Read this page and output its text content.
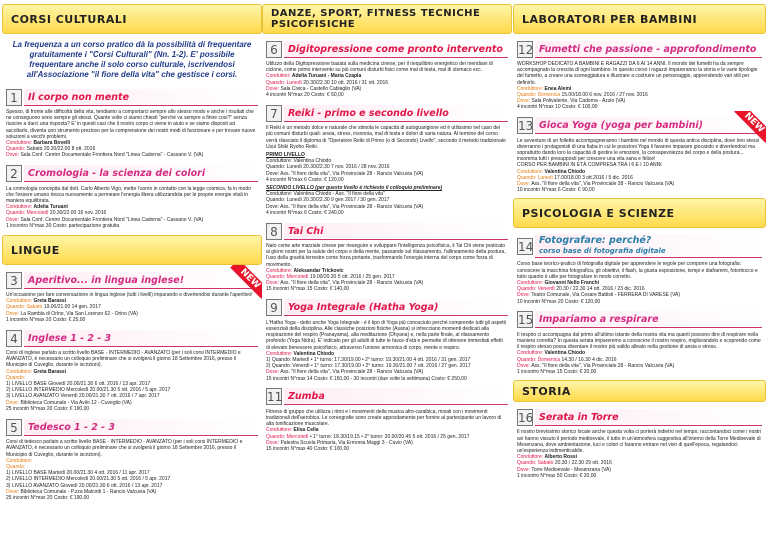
CORSI CULTURALI
La frequenza a un corso pratico dà la possibilità di frequentare gratuitamente i "Corsi Culturali" (Nn. 1-2). E' possibile frequentare anche il solo corso culturale, iscrivendosi all'Associazione "il fiore della vita" che gestisce i corsi.
1	Il corpo non mente

Spesso, di fronte alle difficoltà della vita, tendiamo a comportarci sempre allo stesso modo e anche i risultati che ne conseguono sono sempre gli stessi. Quante volte ci siamo chiesti "perché va sempre a finire così?" senza riuscire a darci una risposta? E' in questi casi che il nostro corpo ci viene in aiuto e se siamo disposti ad ascoltarlo, diventa uno strumento prezioso per la comprensione dei nostri modi di funzionare e per trovare nuove soluzioni a vecchi problemi.

Conduttore: Barbara Bovelli

Quando: Sabato 20.30/22.00 8 ott. 2016

Dove: Sala Conf. Centro Documentale Frontiera Nord "Linea Cadorna" - Cassano V. (VA)

2	Cromologia - la scienza dei colori

La cromologia concepita dal dott. Carlo Alberto Vigo, mette l'uomo in contatto con la legge cosmica, fa in modo che l'essere umano riesca nuovamente a permeare l'energia libera utilizzandola per le proprie energie vitali in maniera equilibrata.

Conduttore: Adelia Turuani

Quando: Mercoledì 20.30/22.00 16 nov. 2016

Dove: Sala Conf. Centro Documentale Frontiera Nord "Linea Cadorna" - Cassano V. (VA)

1 incontro N°max 30 Costo: partecipazione gratuita

LINGUE
NEW
3	Aperitivo... in lingua inglese!

Un'occasione per fare conversazione in lingua inglese (tutti i livelli) imparando e divertendosi durante l'aperitivo!

Conduttore: Greta Barassi

Quando: Sabato 19.00/21.00 14 gen. 2017

Dove: La Rambla di Orino, Via San Lorenzo 62 - Orino (VA)

1 incontro N°max 20 Costo: € 25,00

4	Inglese 1 - 2 - 3

Corsi di inglese parlato a scritto livello BASE - INTERMEDIO - AVANZATO (per i soli corsi INTERMEDIO e AVANZATO, è necessario un colloquio preliminare che si svolgerà il giorno 18 Settembre 2016, presso il Municipio di Cuveglio, durante le iscrizioni).

Conduttore: Greta Barassi

Quando:

1) LIVELLO BASE Giovedì 20.00/21.30 6 ott. 2016 / 13 apr. 2017

2) LIVELLO INTERMEDIO Mercoledì 20.00/21.30 5 ott. 2016 / 5 apr. 2017

3) LIVELLO AVANZATO Venerdì 20.00/21.30 7 ott. 2016 / 7 apr. 2017

Dove: Biblioteca Comunale - Via Avilo 12 - Cuveglio (VA)

25 incontri N°max 20 Costo: € 190,00

5	Tedesco 1 - 2 - 3

Corsi di tedesco parlato a scritto livello BASE - INTERMEDIO - AVANZATO (per i soli corsi INTERMEDIO e AVANZATO, è necessario un colloquio preliminare che si svolgerà il giorno 18 Settembre 2016, presso il Municipio di Cuveglio, durante le iscrizioni).

Conduttore:

Quando:

1) LIVELLO BASE Martedì 20.00/21.30 4 ott. 2016 / 11 apr. 2017

2) LIVELLO INTERMEDIO Mercoledì 20.00/21.30 5 ott. 2016 / 5 apr. 2017

3) LIVELLO AVANZATO Giovedì 20.00/21.30 6 ott. 2016 / 13 apr. 2017

Dove: Biblioteca Comunale - P.zza Malcotti 1 - Rancio Valcuvia (VA)

25 incontri N°max 20 Costo: € 190,00

DANZE, SPORT, FITNESS TECNICHE PSICOFISICHE
6	Digitopressione come pronto intervento

Utilizzo della Digitopressione basata sulla medicina cinese, per il riequilibrio energetico dei meridiani di ciclone, come primo intervento su più comuni disturbi fisici come mal di testa, mal di stomaco ecc.

Conduttori: Adelia Turuani - Maria Czapla

Quando: Lunedì 20.30/22.30 10 ott. 2016 / 31 ott. 2016

Dove: Sala Civica - Castello Cabiaglio (VA)

4 incontri N°max 20 Costo: € 60,00

7	Reiki - primo e secondo livello

Il Reiki è un metodo dolce e naturale che stimola le capacità di autoguarigione ed è utilissimo nel caso dei più comuni disturbi quali: ansia, stress, insonnia, mal di testa e dolori di varia natura. Al termine del corso verrà rilasciato il diploma di "Operatore Reiki di Primo (o di Secondo) Livello", secondo il metodo tradizionale Usui Shiki Ryoho Reiki.

PRIMO LIVELLO

Conduttore: Valentina Chiodo

Quando: Lunedì 20.30/22.30 7 nov. 2016 / 28 nov. 2016

Dove: Ass. "Il fiore della vita", Via Provinciale 28 - Rancio Valcuvia (VA)

4 incontri N°max 6 Costo: € 120,00

SECONDO LIVELLO (per questo livello è richiesto il colloquio preliminare)

Conduttore: Valentina Chiodo - Ass. "Il fiore della vita"

Quando: Lunedì 20.30/22.30 9 gen 2017 / 30 gen. 2017

Dove: Ass. "Il fiore della vita", Via Provinciale 28 - Rancio Valcuvia (VA)

4 incontri N°max 6 Costo: € 240,00

8	Tai Chi

Nato come arte marziale cinese per rieseguire e sviluppare l'intelligenza psicofisica, il Tai Chi viene praticato ai giorni nostri per la salute del corpo e della mente, passando sul rilassamento, l'allineamento della postura, l'uso della gravità terrestre come forza portante, trasformando l'energia interna del corpo come forza di movimento.

Conduttore: Aleksandar Trickovic

Quando: Mercoledì 19.00/20.30 5 ott. 2016 / 25 gen. 2017

Dove: Ass. "Il fiore della vita", Via Provinciale 28 - Rancio Valcuvia (VA)

15 incontri N°max 15 Costo: € 140,00

9	Yoga Integrale (Hatha Yoga)

L'Hatha Yoga - detto anche Yoga Integrale - è il tipo di Yoga più conosciuto perché comprende tutti gli aspetti essenziali della disciplina. Alle classiche posizioni fisiche (Asana) si intrecciano momenti dedicati alla respirazione del respiro (Pranayama), alla meditazione (Dhyana) e, nella parte finale, al rilassamento profondo (Yoga Nidra). E' indicato per gli adulti di tutte le fasce d'età e permette di ottenere immediati effetti di elevato benessere psicofisico, attraverso l'unione armonica di corpo, mente e respiro.

Conduttore: Valentina Chiodo

1) Quando: Martedì • 1° turno: 17.30/19.00 • 2° turno: 19.30/21.00 4 ott. 2016 / 31 gen. 2017

2) Quando: Venerdì • 1° turno: 17.30/19.00 • 2° turno: 19.30/21.00 7 ott. 2016 / 27 gen. 2017

Dove: Ass. "Il fiore della vita", Via Provinciale 28 - Rancio Valcuvia (VA)

15 incontri N°max 14 Costo: € 150,00 - 30 incontri (due volte la settimana) Costo: € 250,00

11 Zumba

Fitness di gruppo che utilizza i ritmi e i movimenti della musica afro-caraibica, mixati con i movimenti tradizionali dell'aerobica. Le coreografie sono create appositamente per fornire al partecipante un lavoro di alta tonificazione muscolare.

Conduttore: Elisa Cella

Quando: Mercoledì • 1° turno: 18.30/19.15 • 2° turno: 20.00/20.45 5 ott. 2016 / 25 gen. 2017

Dove: Palestra Scuola Primaria, Via Ermonia Maggi 3 - Cuvio (VA)

15 incontri N°max 40 Costo: € 100,00

LABORATORI PER BAMBINI
12 Fumetti che passione - approfondimento

WORKSHOP DEDICATO A BAMBINI E RAGAZZI DA 6 AI 14 ANNI. Il mondo dei fumetti ha da sempre accompagnato la crescita di ogni bambino. In questo corso i ragazzi impareranno la storia e le varie tipologie del fumetto, a creare una sceneggiatura e illustrare a costruire un personaggio, apprendendo vari stili per definirlo.

Conduttore: Enea Alemi

Quando: Domenica 15.00/18.00 6 nov. 2016 / 27 nov. 2016

Dove: Sala Polivalente, Via Cadorna - Azzio (VA)

4 incontri N°max 10 Costo: € 100,00

NEW
13 Gioca Yoga (yoga per bambini)

Le avventure di un folletto accompagneranno i bambini nel mondo di questa antica disciplina, dove loro stessi diverranno i protagonisti di una fiaba in cui le posizioni Yoga li faranno imparare giocando e divertendosi ma soprattutto dando loro la capacità di gestire le emozioni, la consapevolezza del corpo e della postura... insomma tutti i presupposti per crescere una vita sana e felice!

CORSO PER BAMBINI IN ETÀ COMPRESA TRA I 6 E I 10 ANNI

Conduttore: Valentina Chiodo

Quando: Lunedì 17.00/18.00 3 ott.2016 / 5 dic. 2016

Dove: Ass. "Il fiore della vita", Via Provinciale 28 - Rancio Valcuvia (VA)

10 incontri N°max 6 Costo: € 90,00

PSICOLOGIA E SCIENZE
14 Fotografare: perché?
corso base di fotografia digitale

Corso base teorico-pratico di fotografia digitale per apprendere le regole per comporre una fotografia: conoscere la macchina fotografica, gli obiettivi, il flash, la giusta esposizione, tempi e diaframmi, fotoritocco e tutto quanto è utile per fotografare in modo corretto.

Conduttore: Giovanni Nello Franchi

Quando: Venerdì 20.30 / 22.30 14 ott. 2016 / 23 dic. 2016

Dove: Teatro Comunale, Via Cesare Battisti - FERRERA DI VARESE (VA)

10 incontri N°max 20 Costo: € 120,00

15 Impariamo a respirare

Il respiro ci accompagna dal primo all'ultimo istante della nostra vita ma quanti possono dire di respirare nella maniera corretta? In questa serata impareremo a conoscere il nostro respiro, migliorandolo e scoprendo come il respiro stesso possa diventare il nostro più valido alleato nella gestione di ansia e stress.

Conduttore: Valentina Chiodo

Quando: Domenica 14.30 / 16.30 4 dic. 2016

Dove: Ass. "Il fiore della vita", Via Provinciale 28 - Rancio Valcuvia (VA)

1 incontro N°max 15 Costo: € 20,00

STORIA
16 Serata in Torre

Il nostro brevissimo storico locale anche questa volta ci porterà indietro nel tempo, raccontandoci come i nostri avi hanno vissuto il periodo medioevale, il tutto in un'atmosfera suggestiva all'interno della Torre Medioevale di Mesenzana, dove ambientazione, luci e colori ci faranno entrare nel vivo di quell'epoca, regalandoci un'esperienza indimenticabile.

Conduttore: Alberto Rossi

Quando: Sabato 20.30 / 22.30 29 ott. 2016

Dove: Torre Medioevale - Mesenzana (VA)

1 incontro N°max 50 Costo: € 20,00
